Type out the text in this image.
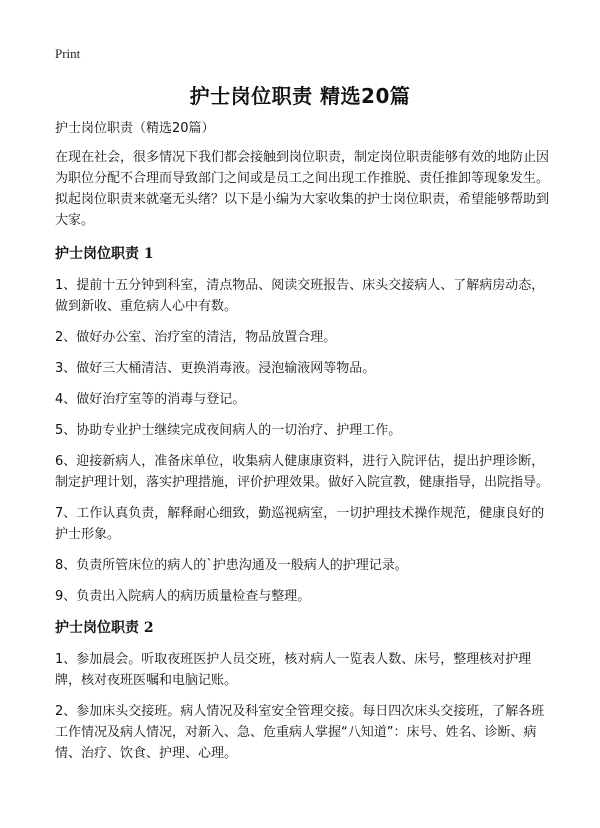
Print
护士岗位职责 精选20篇

护士岗位职责（精选20篇）

在现在社会，很多情况下我们都会接触到岗位职责，制定岗位职责能够有效的地防止因为职位分配不合理而导致部门之间或是员工之间出现工作推脱、责任推卸等现象发生。拟起岗位职责来就毫无头绪？以下是小编为大家收集的护士岗位职责，希望能够帮助到大家。

护士岗位职责 1

1、提前十五分钟到科室，清点物品、阅读交班报告、床头交接病人、了解病房动态，做到新收、重危病人心中有数。

2、做好办公室、治疗室的清洁，物品放置合理。

3、做好三大桶清洁、更换消毒液。浸泡输液网等物品。

4、做好治疗室等的消毒与登记。

5、协助专业护士继续完成夜间病人的一切治疗、护理工作。

6、迎接新病人，准备床单位，收集病人健康康资料，进行入院评估，提出护理诊断，制定护理计划，落实护理措施，评价护理效果。做好入院宣教，健康指导，出院指导。

7、工作认真负责，解释耐心细致，勤巡视病室，一切护理技术操作规范，健康良好的护士形象。

8、负责所管床位的病人的`护患沟通及一般病人的护理记录。

9、负责出入院病人的病历质量检查与整理。

护士岗位职责 2

1、参加晨会。听取夜班医护人员交班，核对病人一览表人数、床号，整理核对护理牌，核对夜班医嘱和电脑记账。

2、参加床头交接班。病人情况及科室安全管理交接。每日四次床头交接班，了解各班工作情况及病人情况，对新入、急、危重病人掌握“八知道”：床号、姓名、诊断、病情、治疗、饮食、护理、心理。
